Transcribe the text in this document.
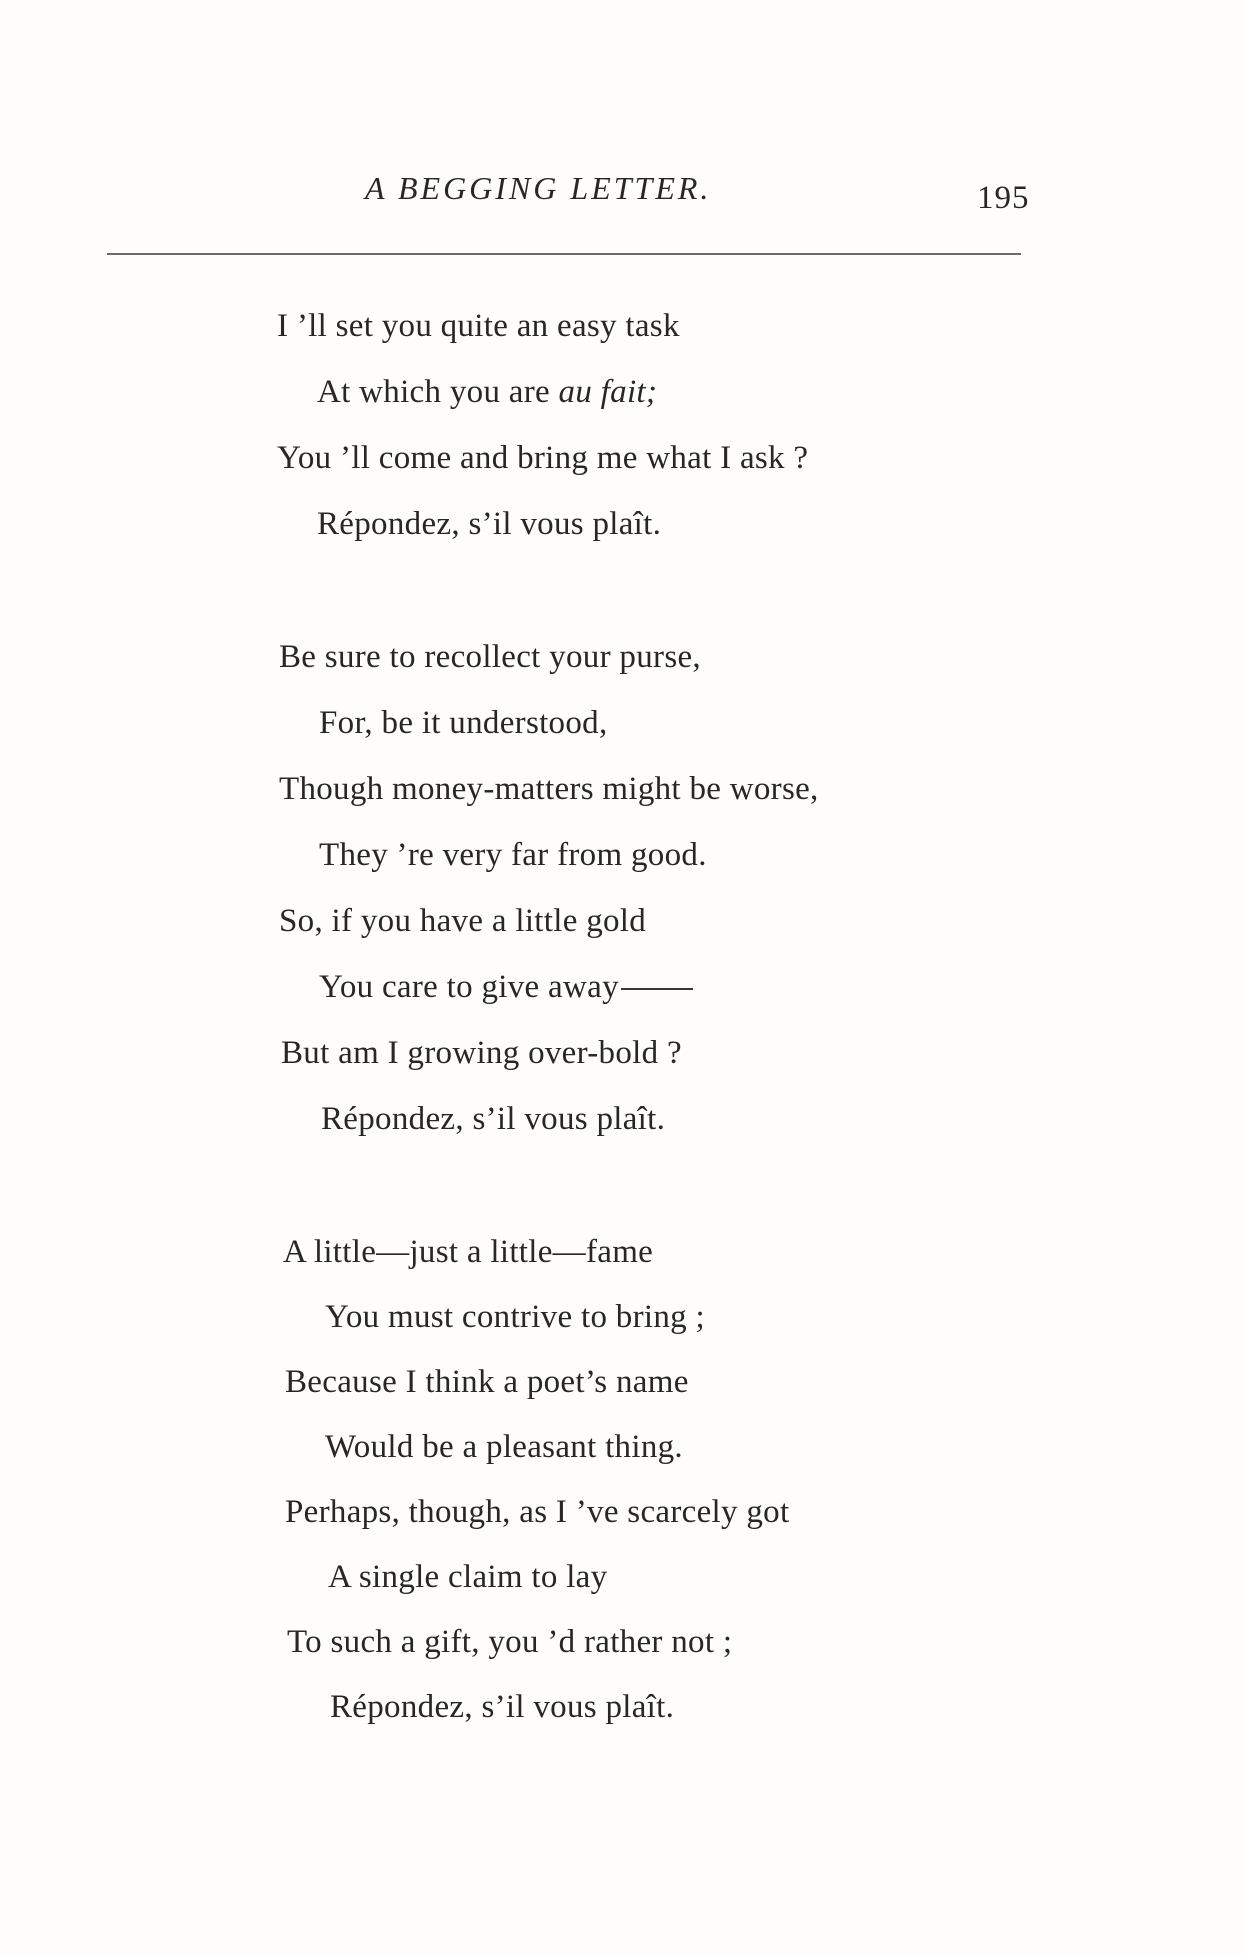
A BEGGING LETTER.	195
I ’ll set you quite an easy task
At which you are au fait;
You ’ll come and bring me what I ask ?
Répondez, s’il vous plaît.
Be sure to recollect your purse,
For, be it understood,
Though money-matters might be worse,
They ’re very far from good.
So, if you have a little gold
You care to give away
But am I growing over-bold ?
Répondez, s’il vous plaît.
A little—just a little—fame
You must contrive to bring ;
Because I think a poet’s name
Would be a pleasant thing.
Perhaps, though, as I ’ve scarcely got
A single claim to lay
To such a gift, you ’d rather not ;
Répondez, s’il vous plaît.
